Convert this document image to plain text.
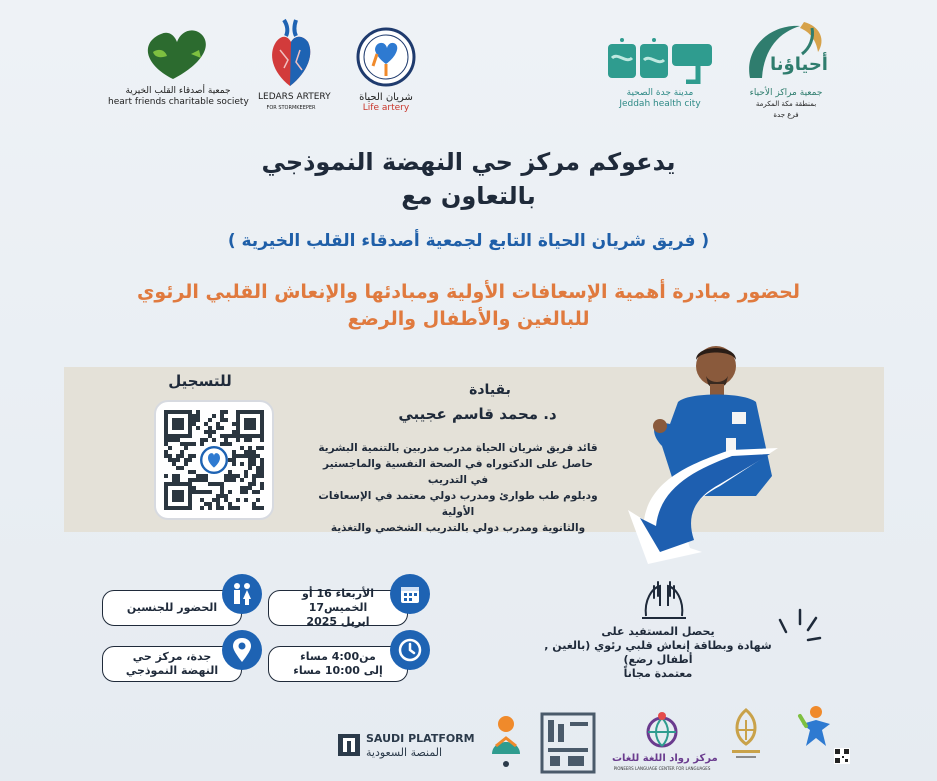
جمعية أصدقاء القلب الخيرية
heart friends charitable society LEDARS ARTERY
FOR STORMKEEPER
شريان الحياة
Life artery
مدينة جدة الصحية
Jeddah health city
أحياؤنا
جمعية مراكز الأحياء
بمنطقة مكة المكرمة
فرع جدة
يدعوكم مركز حي النهضة النموذجي
بالتعاون مع
( فريق شريان الحياة التابع لجمعية أصدقاء القلب الخيرية )
لحضور مبادرة أهمية الإسعافات الأولية ومبادئها والإنعاش القلبي الرئوي
للبالغين والأطفال والرضع
للتسجيل	بقيادة
د. محمد قاسم عجيبي
قائد فريق شريان الحياة مدرب مدربين بالتنمية البشرية
حاصل على الدكتوراه في الصحة النفسية والماجستير في التدريب
ودبلوم طب طوارئ ومدرب دولي معتمد في الإسعافات الأولية
والثانوية ومدرب دولي بالتدريب الشخصي والتغذية
الحضور للجنسين
الأربعاء 16 أو الخميس17
ابريل 2025
جدة، مركز حي
النهضة النموذجي
من4:00 مساء
إلى 10:00 مساء
يحصل المستفيد على
شهادة وبطاقة إنعاش قلبي رئوي (بالغين , أطفال رضع)
معتمدة مجاناً
SAUDI PLATFORM
المنصة السعودية	مركز رواد اللغة للغات
PIONEERS LANGUAGE CENTER FOR LANGUAGES
